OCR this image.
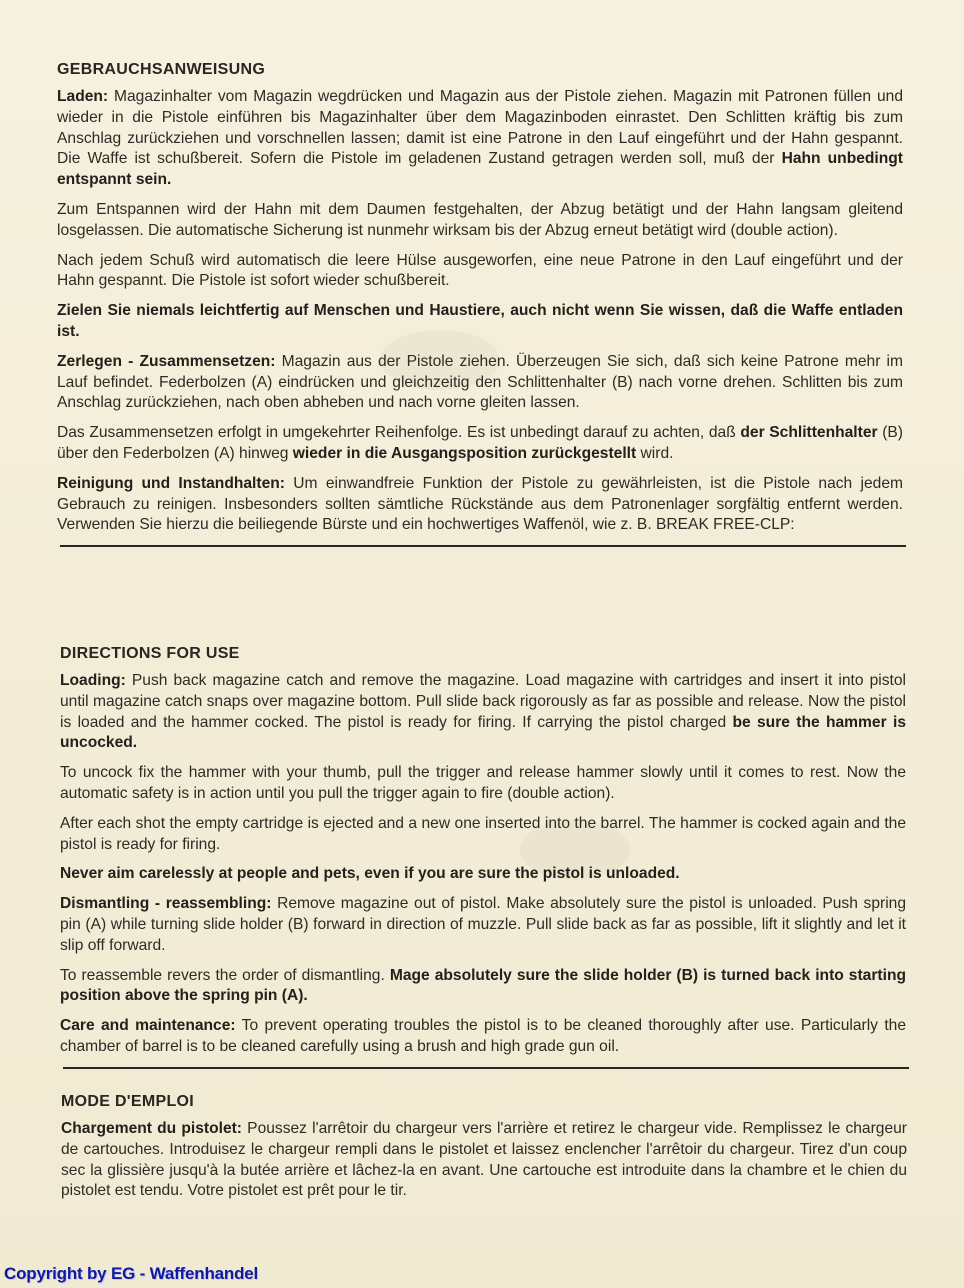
GEBRAUCHSANWEISUNG

Laden: Magazinhalter vom Magazin wegdrücken und Magazin aus der Pistole ziehen. Magazin mit Patronen füllen und wieder in die Pistole einführen bis Magazinhalter über dem Magazinboden einrastet. Den Schlitten kräftig bis zum Anschlag zurückziehen und vorschnellen lassen; damit ist eine Patrone in den Lauf eingeführt und der Hahn gespannt. Die Waffe ist schußbereit. Sofern die Pistole im geladenen Zustand getragen werden soll, muß der Hahn unbedingt entspannt sein.

Zum Entspannen wird der Hahn mit dem Daumen festgehalten, der Abzug betätigt und der Hahn langsam gleitend losgelassen. Die automatische Sicherung ist nunmehr wirksam bis der Abzug erneut betätigt wird (double action).

Nach jedem Schuß wird automatisch die leere Hülse ausgeworfen, eine neue Patrone in den Lauf eingeführt und der Hahn gespannt. Die Pistole ist sofort wieder schußbereit.

Zielen Sie niemals leichtfertig auf Menschen und Haustiere, auch nicht wenn Sie wissen, daß die Waffe entladen ist.

Zerlegen - Zusammensetzen: Magazin aus der Pistole ziehen. Überzeugen Sie sich, daß sich keine Patrone mehr im Lauf befindet. Federbolzen (A) eindrücken und gleichzeitig den Schlittenhalter (B) nach vorne drehen. Schlitten bis zum Anschlag zurückziehen, nach oben abheben und nach vorne gleiten lassen.

Das Zusammensetzen erfolgt in umgekehrter Reihenfolge. Es ist unbedingt darauf zu achten, daß der Schlittenhalter (B) über den Federbolzen (A) hinweg wieder in die Ausgangsposition zurückgestellt wird.

Reinigung und Instandhalten: Um einwandfreie Funktion der Pistole zu gewährleisten, ist die Pistole nach jedem Gebrauch zu reinigen. Insbesonders sollten sämtliche Rückstände aus dem Patronenlager sorgfältig entfernt werden. Verwenden Sie hierzu die beiliegende Bürste und ein hochwertiges Waffenöl, wie z. B. BREAK FREE-CLP:

DIRECTIONS FOR USE

Loading: Push back magazine catch and remove the magazine. Load magazine with cartridges and insert it into pistol until magazine catch snaps over magazine bottom. Pull slide back rigorously as far as possible and release. Now the pistol is loaded and the hammer cocked. The pistol is ready for firing. If carrying the pistol charged be sure the hammer is uncocked.

To uncock fix the hammer with your thumb, pull the trigger and release hammer slowly until it comes to rest. Now the automatic safety is in action until you pull the trigger again to fire (double action).

After each shot the empty cartridge is ejected and a new one inserted into the barrel. The hammer is cocked again and the pistol is ready for firing.

Never aim carelessly at people and pets, even if you are sure the pistol is unloaded.

Dismantling - reassembling: Remove magazine out of pistol. Make absolutely sure the pistol is unloaded. Push spring pin (A) while turning slide holder (B) forward in direction of muzzle. Pull slide back as far as possible, lift it slightly and let it slip off forward.

To reassemble revers the order of dismantling. Mage absolutely sure the slide holder (B) is turned back into starting position above the spring pin (A).

Care and maintenance: To prevent operating troubles the pistol is to be cleaned thoroughly after use. Particularly the chamber of barrel is to be cleaned carefully using a brush and high grade gun oil.

MODE D'EMPLOI

Chargement du pistolet: Poussez l'arrêtoir du chargeur vers l'arrière et retirez le chargeur vide. Remplissez le chargeur de cartouches. Introduisez le chargeur rempli dans le pistolet et laissez enclencher l'arrêtoir du chargeur. Tirez d'un coup sec la glissière jusqu'à la butée arrière et lâchez-la en avant. Une cartouche est introduite dans la chambre et le chien du pistolet est tendu. Votre pistolet est prêt pour le tir.

Copyright by EG - Waffenhandel
